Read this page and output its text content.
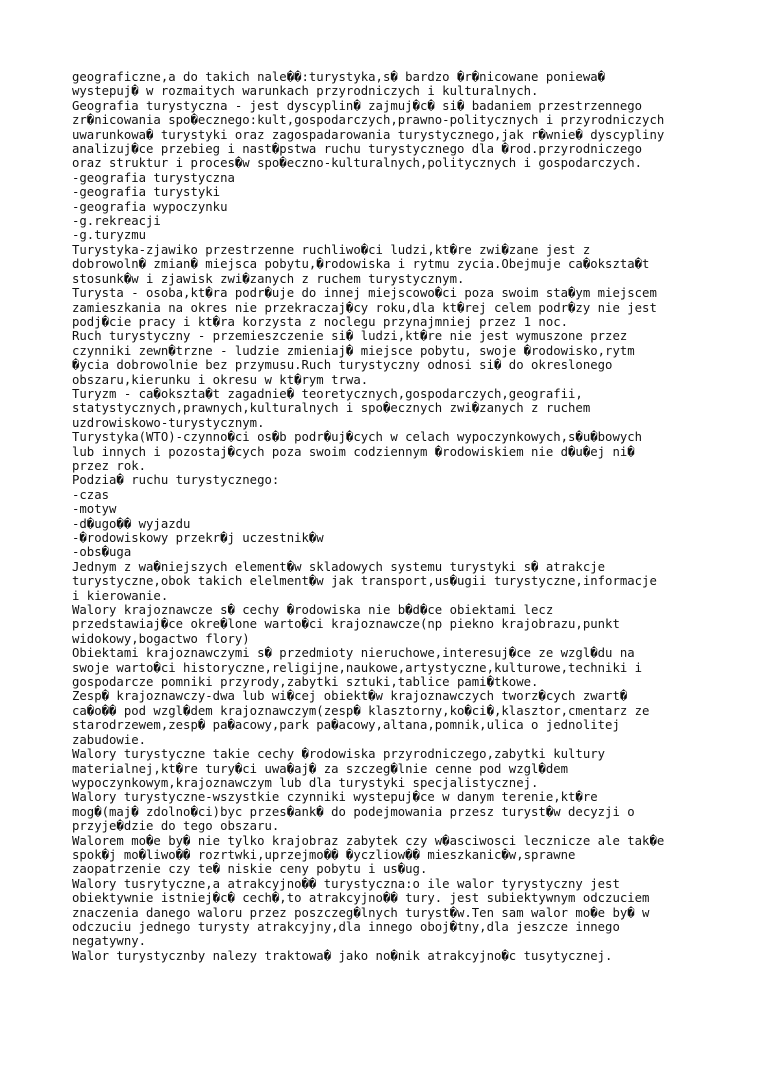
geograficzne,a do takich nale��:turystyka,s� bardzo �r�nicowane poniewa�
wystepuj� w rozmaitych warunkach przyrodniczych i kulturalnych.
Geografia turystyczna - jest dyscyplin� zajmuj�c� si� badaniem przestrzennego
zr�nicowania spo�ecznego:kult,gospodarczych,prawno-politycznych i przyrodniczych
uwarunkowa� turystyki oraz zagospadarowania turystycznego,jak r�wnie� dyscypliny
analizuj�ce przebieg i nast�pstwa ruchu turystycznego dla �rod.przyrodniczego
oraz struktur i proces�w spo�eczno-kulturalnych,politycznych i gospodarczych.
-geografia turystyczna
-geografia turystyki
-geografia wypoczynku
-g.rekreacji
-g.turyzmu
Turystyka-zjawiko przestrzenne ruchliwo�ci ludzi,kt�re zwi�zane jest z
dobrowoln� zmian� miejsca pobytu,�rodowiska i rytmu zycia.Obejmuje ca�okszta�t
stosunk�w i zjawisk zwi�zanych z ruchem turystycznym.
Turysta - osoba,kt�ra podr�uje do innej miejscowo�ci poza swoim sta�ym miejscem
zamieszkania na okres nie przekraczaj�cy roku,dla kt�rej celem podr�zy nie jest
podj�cie pracy i kt�ra korzysta z noclegu przynajmniej przez 1 noc.
Ruch turystyczny - przemieszczenie si� ludzi,kt�re nie jest wymuszone przez
czynniki zewn�trzne - ludzie zmieniaj� miejsce pobytu, swoje �rodowisko,rytm
�ycia dobrowolnie bez przymusu.Ruch turystyczny odnosi si� do okreslonego
obszaru,kierunku i okresu w kt�rym trwa.
Turyzm - ca�okszta�t zagadnie� teoretycznych,gospodarczych,geografii,
statystycznych,prawnych,kulturalnych i spo�ecznych zwi�zanych z ruchem
uzdrowiskowo-turystycznym.
Turystyka(WTO)-czynno�ci os�b podr�uj�cych w celach wypoczynkowych,s�u�bowych
lub innych i pozostaj�cych poza swoim codziennym �rodowiskiem nie d�u�ej ni�
przez rok.
Podzia� ruchu turystycznego:
-czas
-motyw
-d�ugo�� wyjazdu
-�rodowiskowy przekr�j uczestnik�w
-obs�uga
Jednym z wa�niejszych element�w skladowych systemu turystyki s� atrakcje
turystyczne,obok takich elelment�w jak transport,us�ugii turystyczne,informacje
i kierowanie.
Walory krajoznawcze s� cechy �rodowiska nie b�d�ce obiektami lecz
przedstawiaj�ce okre�lone warto�ci krajoznawcze(np piekno krajobrazu,punkt
widokowy,bogactwo flory)
Obiektami krajoznawczymi s� przedmioty nieruchowe,interesuj�ce ze wzgl�du na
swoje warto�ci historyczne,religijne,naukowe,artystyczne,kulturowe,techniki i
gospodarcze pomniki przyrody,zabytki sztuki,tablice pami�tkowe.
Zesp� krajoznawczy-dwa lub wi�cej obiekt�w krajoznawczych tworz�cych zwart�
ca�o�� pod wzgl�dem krajoznawczym(zesp� klasztorny,ko�ci�,klasztor,cmentarz ze
starodrzewem,zesp� pa�acowy,park pa�acowy,altana,pomnik,ulica o jednolitej
zabudowie.
Walory turystyczne takie cechy �rodowiska przyrodniczego,zabytki kultury
materialnej,kt�re tury�ci uwa�aj� za szczeg�lnie cenne pod wzgl�dem
wypoczynkowym,krajoznawczym lub dla turystyki specjalistycznej.
Walory turystyczne-wszystkie czynniki wystepuj�ce w danym terenie,kt�re
mog�(maj� zdolno�ci)byc przes�ank� do podejmowania przesz turyst�w decyzji o
przyje�dzie do tego obszaru.
Walorem mo�e by� nie tylko krajobraz zabytek czy w�asciwosci lecznicze ale tak�e
spok�j mo�liwo�� rozrtwki,uprzejmo�� �yczliow�� mieszkanic�w,sprawne
zaopatrzenie czy te� niskie ceny pobytu i us�ug.
Walory tusrytyczne,a atrakcyjno�� turystyczna:o ile walor tyrystyczny jest
obiektywnie istniej�c� cech�,to atrakcyjno�� tury. jest subiektywnym odczuciem
znaczenia danego waloru przez poszczeg�lnych turyst�w.Ten sam walor mo�e by� w
odczuciu jednego turysty atrakcyjny,dla innego oboj�tny,dla jeszcze innego
negatywny.
Walor turystycznby nalezy traktowa� jako no�nik atrakcyjno�c tusytycznej.
